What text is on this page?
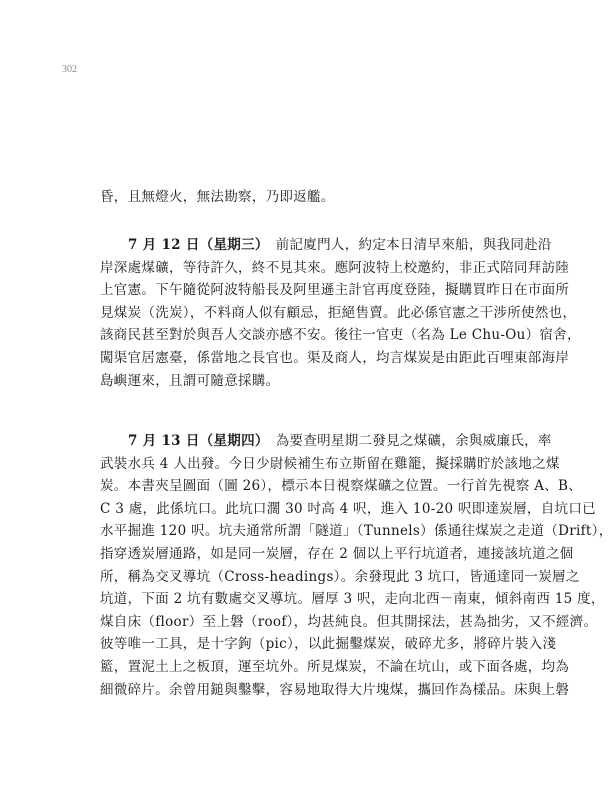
302
昏，且無燈火，無法勘察，乃即返艦。
7 月 12 日（星期三）　前記廈門人，約定本日清早來船，與我同赴沿
岸深處煤礦，等待許久，終不見其來。應阿波特上校邀約，非正式陪同拜訪陸
上官憲。下午隨從阿波特船長及阿里遜主計官再度登陸，擬購買昨日在市面所
見煤炭（洗炭），不料商人似有顧忌，拒絕售賣。此必係官憲之干涉所使然也，
該商民甚至對於與吾人交談亦感不安。後往一官吏（名為 Le Chu-Ou）宿舍，
闖渠官居憲臺，係當地之長官也。渠及商人，均言煤炭是由距此百哩東部海岸
島嶼運來，且謂可隨意採購。
7 月 13 日（星期四）　為要查明星期二發見之煤礦，余與威廉氏，率
武裝水兵 4 人出發。今日少尉候補生布立斯留在雞籠，擬採購貯於該地之煤
炭。本書夾呈圖面（圖 26），標示本日視察煤礦之位置。一行首先視察 A、B、
C 3 處，此係坑口。此坑口濶 30 吋高 4 呎，進入 10-20 呎即達炭層，自坑口已
水平掘進 120 呎。坑夫通常所謂「隧道」（Tunnels）係通往煤炭之走道（Drift），
指穿透炭層通路，如是同一炭層，存在 2 個以上平行坑道者，連接該坑道之個
所，稱為交叉導坑（Cross-headings）。余發現此 3 坑口，皆通達同一炭層之
坑道，下面 2 坑有數處交叉導坑。層厚 3 呎，走向北西－南東，傾斜南西 15 度，
煤自床（floor）至上磐（roof），均甚純良。但其開採法，甚為拙劣，又不經濟。
彼等唯一工具，是十字鉤（pic），以此掘鑿煤炭，破碎尤多，將碎片裝入淺
籃，置泥土上之板頂，運至坑外。所見煤炭，不論在坑山，或下面各處，均為
細微碎片。余曾用鎚與鑿擊，容易地取得大片塊煤，攜回作為樣品。床與上磐
